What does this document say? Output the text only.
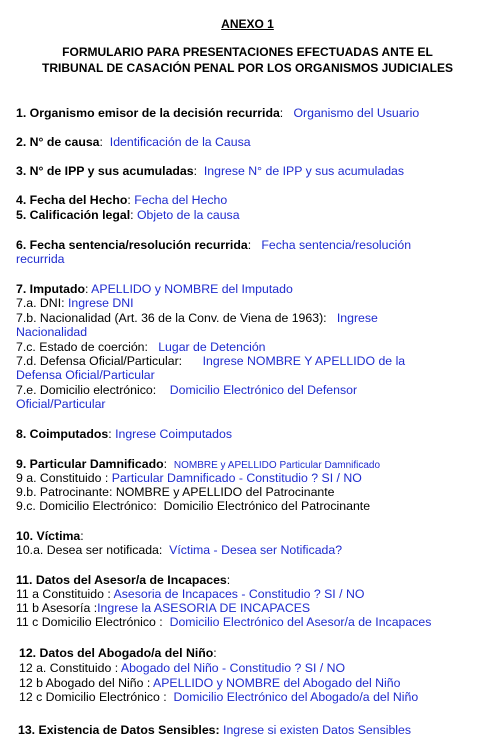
ANEXO 1
FORMULARIO PARA PRESENTACIONES EFECTUADAS ANTE EL
TRIBUNAL DE CASACIÓN PENAL POR LOS ORGANISMOS JUDICIALES
1. Organismo emisor de la decisión recurrida:   Organismo del Usuario
2. N° de causa:  Identificación de la Causa
3. N° de IPP y sus acumuladas:  Ingrese N° de IPP y sus acumuladas
4. Fecha del Hecho: Fecha del Hecho
5. Calificación legal: Objeto de la causa
6. Fecha sentencia/resolución recurrida:   Fecha sentencia/resolución
recurrida
7. Imputado: APELLIDO y NOMBRE del Imputado
7.a. DNI: Ingrese DNI
7.b. Nacionalidad (Art. 36 de la Conv. de Viena de 1963): Ingrese
Nacionalidad
7.c. Estado de coerción: Lugar de Detención
7.d. Defensa Oficial/Particular: Ingrese NOMBRE Y APELLIDO de la
Defensa Oficial/Particular
7.e. Domicilio electrónico: Domicilio Electrónico del Defensor
Oficial/Particular
8. Coimputados: Ingrese Coimputados
9. Particular Damnificado:  NOMBRE y APELLIDO Particular Damnificado
9 a. Constituido : Particular Damnificado - Constitudio ? SI / NO
9.b. Patrocinante: NOMBRE y APELLIDO del Patrocinante
9.c. Domicilio Electrónico: Domicilio Electrónico del Patrocinante
10. Víctima:
10.a. Desea ser notificada: Víctima - Desea ser Notificada?
11. Datos del Asesor/a de Incapaces:
11 a Constituido : Asesoria de Incapaces - Constitudio ? SI / NO
11 b Asesoría :Ingrese la ASESORIA DE INCAPACES
11 c Domicilio Electrónico : Domicilio Electrónico del Asesor/a de Incapaces
12. Datos del Abogado/a del Niño:
12 a. Constituido : Abogado del Niño - Constitudio ? SI / NO
12 b Abogado del Niño : APELLIDO y NOMBRE del Abogado del Niño
12 c Domicilio Electrónico : Domicilio Electrónico del Abogado/a del Niño
13. Existencia de Datos Sensibles: Ingrese si existen Datos Sensibles
